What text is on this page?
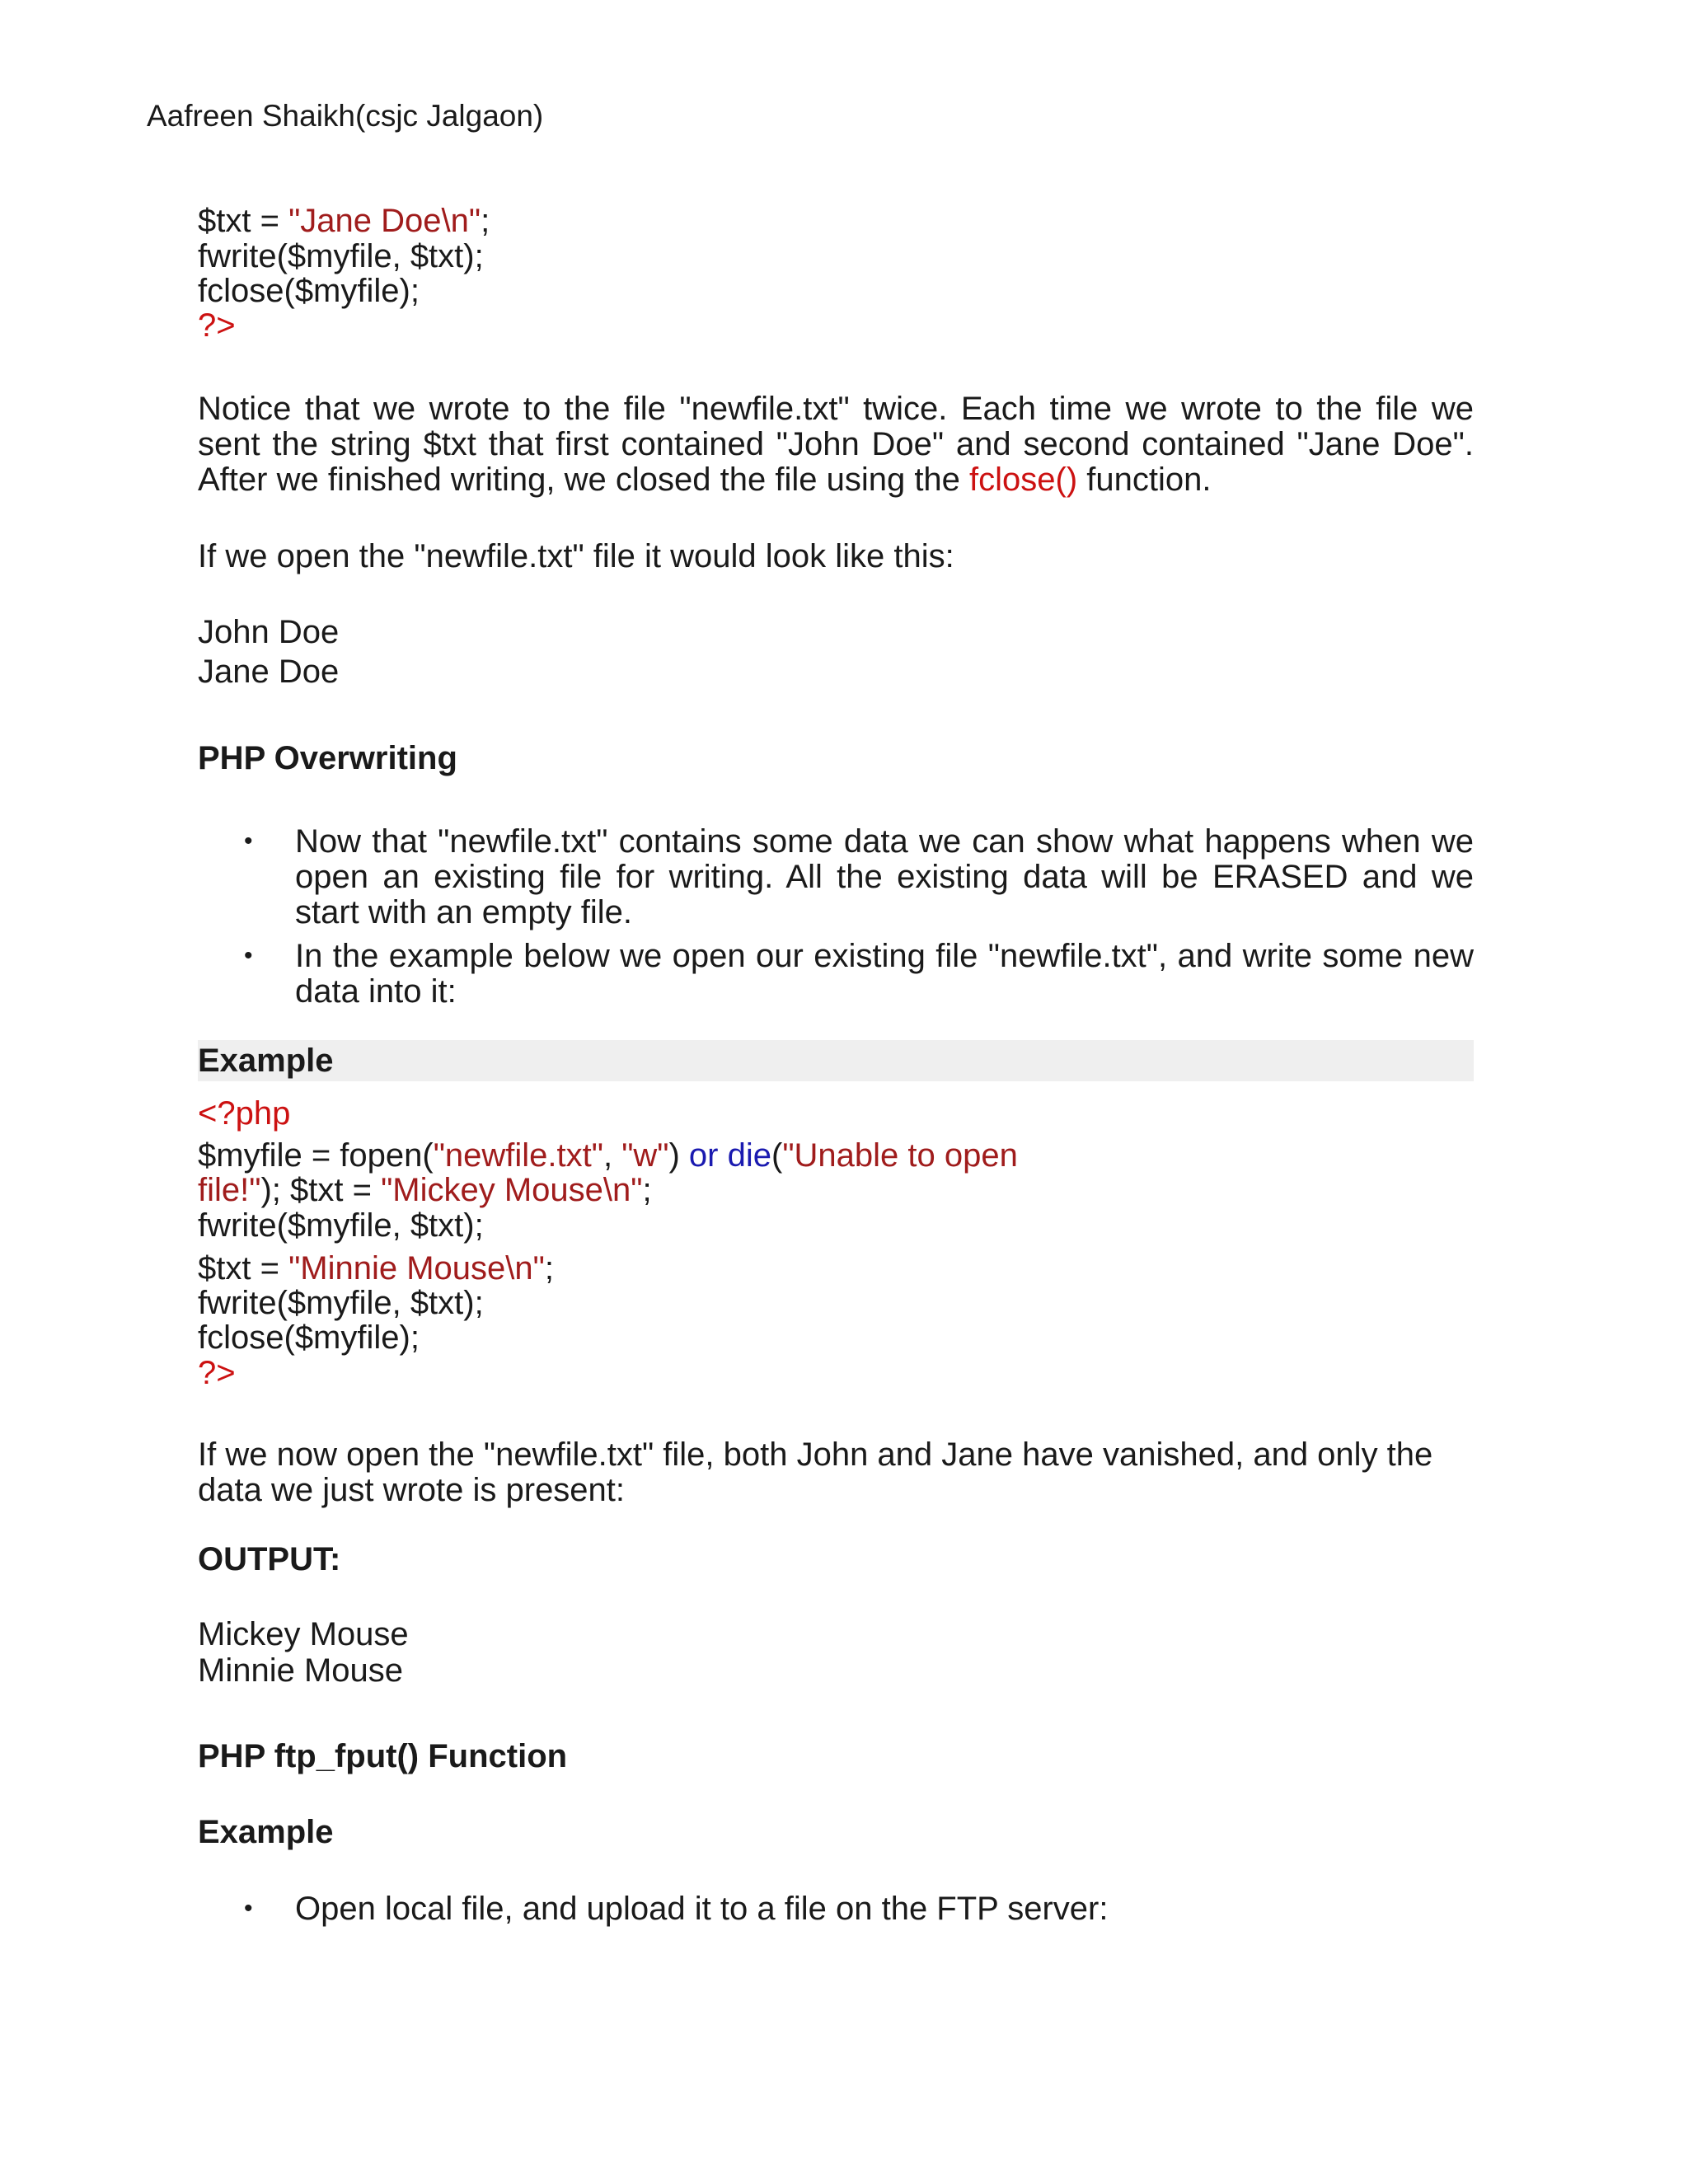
Aafreen Shaikh(csjc Jalgaon)
$txt = "Jane Doe\n";
fwrite($myfile, $txt);
fclose($myfile);
?>
Notice that we wrote to the file "newfile.txt" twice. Each time we wrote to the file we sent the string $txt that first contained "John Doe" and second contained "Jane Doe". After we finished writing, we closed the file using the fclose() function.
If we open the "newfile.txt" file it would look like this:
John Doe
Jane Doe
PHP Overwriting
• Now that "newfile.txt" contains some data we can show what happens when we open an existing file for writing. All the existing data will be ERASED and we start with an empty file.
• In the example below we open our existing file "newfile.txt", and write some new data into it:
Example
<?php
$myfile = fopen("newfile.txt", "w") or die("Unable to open
file!"); $txt = "Mickey Mouse\n";
fwrite($myfile, $txt);
$txt = "Minnie Mouse\n";
fwrite($myfile, $txt);
fclose($myfile);
?>
If we now open the "newfile.txt" file, both John and Jane have vanished, and only the data we just wrote is present:
OUTPUT:
Mickey Mouse
Minnie Mouse
PHP ftp_fput() Function
Example
• Open local file, and upload it to a file on the FTP server:
